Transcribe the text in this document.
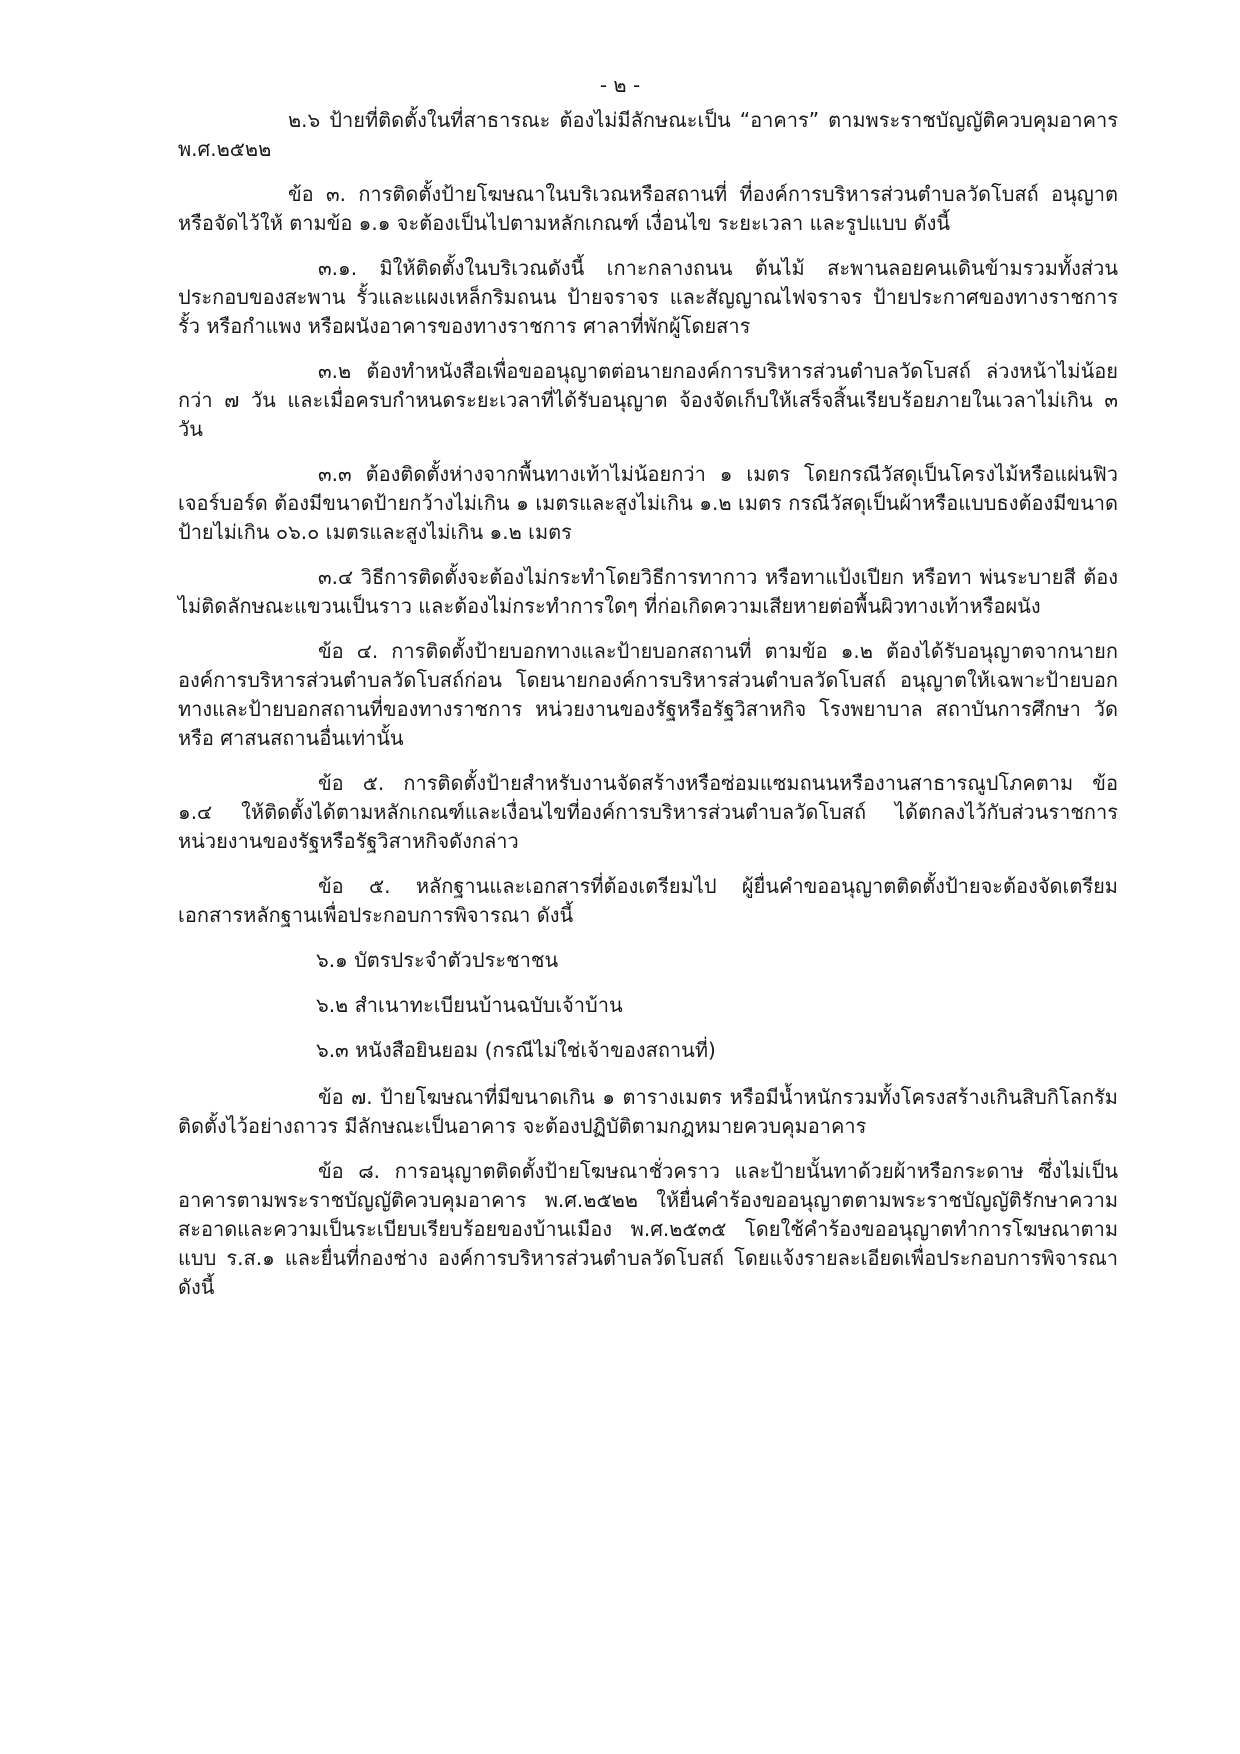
- ๒ -

๒.๖ ป้ายที่ติดตั้งในที่สาธารณะ ต้องไม่มีลักษณะเป็น “อาคาร” ตามพระราชบัญญัติควบคุมอาคาร พ.ศ.๒๕๒๒

ข้อ ๓. การติดตั้งป้ายโฆษณาในบริเวณหรือสถานที่ ที่องค์การบริหารส่วนตำบลวัดโบสถ์ อนุญาตหรือจัดไว้ให้ ตามข้อ ๑.๑ จะต้องเป็นไปตามหลักเกณฑ์ เงื่อนไข ระยะเวลา และรูปแบบ ดังนี้

๓.๑. มิให้ติดตั้งในบริเวณดังนี้ เกาะกลางถนน ต้นไม้ สะพานลอยคนเดินข้ามรวมทั้งส่วนประกอบของสะพาน รั้วและแผงเหล็กริมถนน ป้ายจราจร และสัญญาณไฟจราจร ป้ายประกาศของทางราชการ รั้ว หรือกำแพง หรือผนังอาคารของทางราชการ ศาลาที่พักผู้โดยสาร

๓.๒ ต้องทำหนังสือเพื่อขออนุญาตต่อนายกองค์การบริหารส่วนตำบลวัดโบสถ์ ล่วงหน้าไม่น้อยกว่า ๗ วัน และเมื่อครบกำหนดระยะเวลาที่ได้รับอนุญาต จ้องจัดเก็บให้เสร็จสิ้นเรียบร้อยภายในเวลาไม่เกิน ๓ วัน

๓.๓ ต้องติดตั้งห่างจากพื้นทางเท้าไม่น้อยกว่า ๑ เมตร โดยกรณีวัสดุเป็นโครงไม้หรือแผ่นฟิวเจอร์บอร์ด ต้องมีขนาดป้ายกว้างไม่เกิน ๑ เมตรและสูงไม่เกิน ๑.๒ เมตร กรณีวัสดุเป็นผ้าหรือแบบธงต้องมีขนาดป้ายไม่เกิน ๐๖.๐ เมตรและสูงไม่เกิน ๑.๒ เมตร

๓.๔ วิธีการติดตั้งจะต้องไม่กระทำโดยวิธีการทากาว หรือทาแป้งเปียก หรือทา พ่นระบายสี ต้องไม่ติดลักษณะแขวนเป็นราว และต้องไม่กระทำการใดๆ ที่ก่อเกิดความเสียหายต่อพื้นผิวทางเท้าหรือผนัง

ข้อ ๔. การติดตั้งป้ายบอกทางและป้ายบอกสถานที่ ตามข้อ ๑.๒ ต้องได้รับอนุญาตจากนายกองค์การบริหารส่วนตำบลวัดโบสถ์ก่อน โดยนายกองค์การบริหารส่วนตำบลวัดโบสถ์ อนุญาตให้เฉพาะป้ายบอกทางและป้ายบอกสถานที่ของทางราชการ หน่วยงานของรัฐหรือรัฐวิสาหกิจ โรงพยาบาล สถาบันการศึกษา วัด หรือ ศาสนสถานอื่นเท่านั้น

ข้อ ๕. การติดตั้งป้ายสำหรับงานจัดสร้างหรือซ่อมแซมถนนหรืองานสาธารณูปโภคตาม ข้อ ๑.๔ ให้ติดตั้งได้ตามหลักเกณฑ์และเงื่อนไขที่องค์การบริหารส่วนตำบลวัดโบสถ์ ได้ตกลงไว้กับส่วนราชการ หน่วยงานของรัฐหรือรัฐวิสาหกิจดังกล่าว

ข้อ ๕. หลักฐานและเอกสารที่ต้องเตรียมไป ผู้ยื่นคำขออนุญาตติดตั้งป้ายจะต้องจัดเตรียมเอกสารหลักฐานเพื่อประกอบการพิจารณา ดังนี้

๖.๑ บัตรประจำตัวประชาชน
๖.๒ สำเนาทะเบียนบ้านฉบับเจ้าบ้าน
๖.๓ หนังสือยินยอม (กรณีไม่ใช่เจ้าของสถานที่)

ข้อ ๗. ป้ายโฆษณาที่มีขนาดเกิน ๑ ตารางเมตร หรือมีน้ำหนักรวมทั้งโครงสร้างเกินสิบกิโลกรัม ติดตั้งไว้อย่างถาวร มีลักษณะเป็นอาคาร จะต้องปฏิบัติตามกฎหมายควบคุมอาคาร

ข้อ ๘. การอนุญาตติดตั้งป้ายโฆษณาชั่วคราว และป้ายนั้นทาด้วยผ้าหรือกระดาษ ซึ่งไม่เป็นอาคารตามพระราชบัญญัติควบคุมอาคาร พ.ศ.๒๕๒๒ ให้ยื่นคำร้องขออนุญาตตามพระราชบัญญัติรักษาความสะอาดและความเป็นระเบียบเรียบร้อยของบ้านเมือง พ.ศ.๒๕๓๕ โดยใช้คำร้องขออนุญาตทำการโฆษณาตามแบบ ร.ส.๑ และยื่นที่กองช่าง องค์การบริหารส่วนตำบลวัดโบสถ์ โดยแจ้งรายละเอียดเพื่อประกอบการพิจารณา ดังนี้
